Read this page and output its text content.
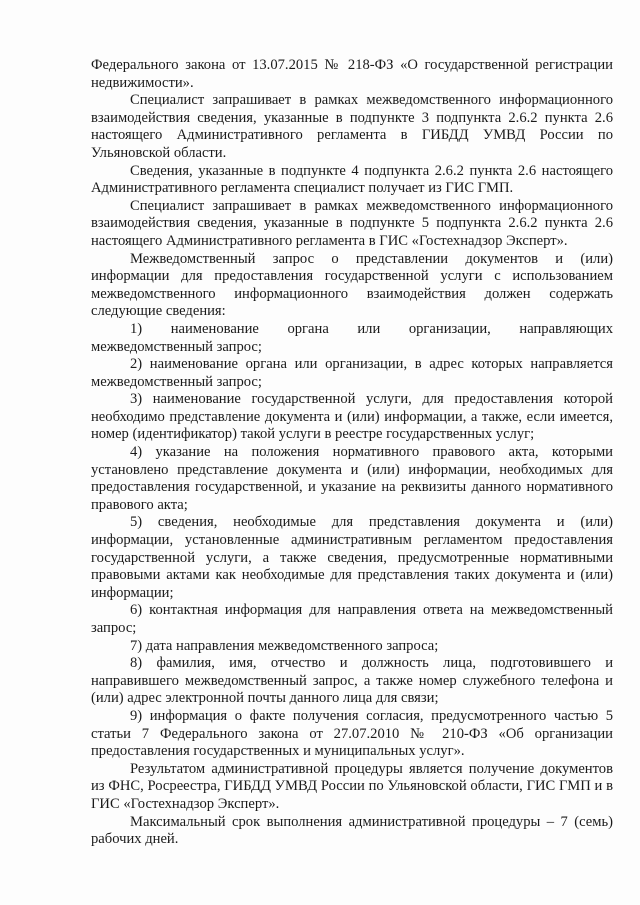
Федерального закона от 13.07.2015 № 218-ФЗ «О государственной регистрации недвижимости».

Специалист запрашивает в рамках межведомственного информационного взаимодействия сведения, указанные в подпункте 3 подпункта 2.6.2 пункта 2.6 настоящего Административного регламента в ГИБДД УМВД России по Ульяновской области.

Сведения, указанные в подпункте 4 подпункта 2.6.2 пункта 2.6 настоящего Административного регламента специалист получает из ГИС ГМП.

Специалист запрашивает в рамках межведомственного информационного взаимодействия сведения, указанные в подпункте 5 подпункта 2.6.2 пункта 2.6 настоящего Административного регламента в ГИС «Гостехнадзор Эксперт».

Межведомственный запрос о представлении документов и (или) информации для предоставления государственной услуги с использованием межведомственного информационного взаимодействия должен содержать следующие сведения:

1) наименование органа или организации, направляющих межведомственный запрос;

2) наименование органа или организации, в адрес которых направляется межведомственный запрос;

3) наименование государственной услуги, для предоставления которой необходимо представление документа и (или) информации, а также, если имеется, номер (идентификатор) такой услуги в реестре государственных услуг;

4) указание на положения нормативного правового акта, которыми установлено представление документа и (или) информации, необходимых для предоставления государственной, и указание на реквизиты данного нормативного правового акта;

5) сведения, необходимые для представления документа и (или) информации, установленные административным регламентом предоставления государственной услуги, а также сведения, предусмотренные нормативными правовыми актами как необходимые для представления таких документа и (или) информации;

6) контактная информация для направления ответа на межведомственный запрос;

7) дата направления межведомственного запроса;

8) фамилия, имя, отчество и должность лица, подготовившего и направившего межведомственный запрос, а также номер служебного телефона и (или) адрес электронной почты данного лица для связи;

9) информация о факте получения согласия, предусмотренного частью 5 статьи 7 Федерального закона от 27.07.2010 № 210-ФЗ «Об организации предоставления государственных и муниципальных услуг».

Результатом административной процедуры является получение документов из ФНС, Росреестра, ГИБДД УМВД России по Ульяновской области, ГИС ГМП и в ГИС «Гостехнадзор Эксперт».

Максимальный срок выполнения административной процедуры – 7 (семь) рабочих дней.
